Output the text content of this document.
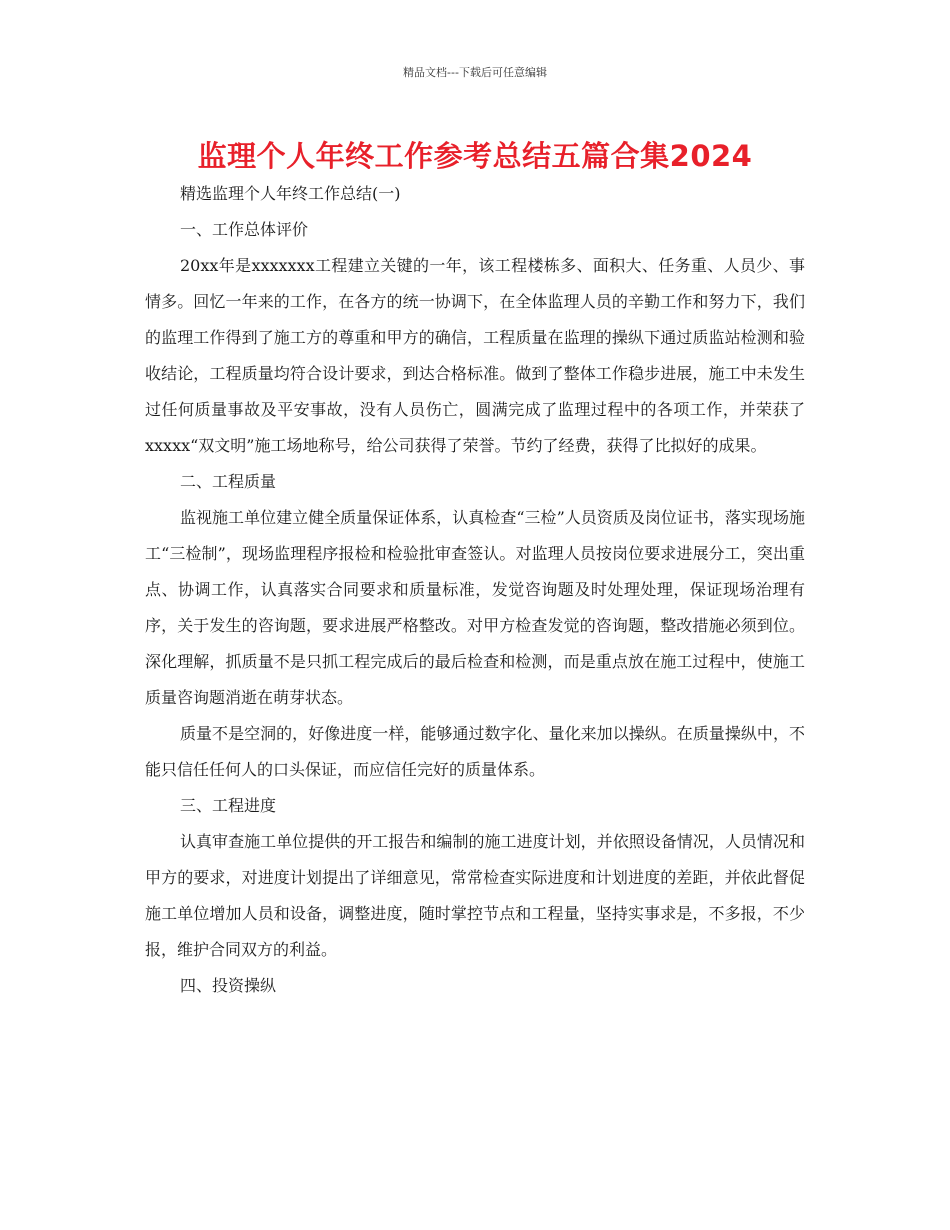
精品文档---下载后可任意编辑
监理个人年终工作参考总结五篇合集2024

精选监理个人年终工作总结(一)

一、工作总体评价

20xx年是xxxxxxx工程建立关键的一年，该工程楼栋多、面积大、任务重、人员少、事情多。回忆一年来的工作，在各方的统一协调下，在全体监理人员的辛勤工作和努力下，我们的监理工作得到了施工方的尊重和甲方的确信，工程质量在监理的操纵下通过质监站检测和验收结论，工程质量均符合设计要求，到达合格标准。做到了整体工作稳步进展，施工中未发生过任何质量事故及平安事故，没有人员伤亡，圆满完成了监理过程中的各项工作，并荣获了xxxxx“双文明”施工场地称号，给公司获得了荣誉。节约了经费，获得了比拟好的成果。

二、工程质量

监视施工单位建立健全质量保证体系，认真检查“三检”人员资质及岗位证书，落实现场施工“三检制”，现场监理程序报检和检验批审查签认。对监理人员按岗位要求进展分工，突出重点、协调工作，认真落实合同要求和质量标准，发觉咨询题及时处理处理，保证现场治理有序，关于发生的咨询题，要求进展严格整改。对甲方检查发觉的咨询题，整改措施必须到位。深化理解，抓质量不是只抓工程完成后的最后检查和检测，而是重点放在施工过程中，使施工质量咨询题消逝在萌芽状态。

质量不是空洞的，好像进度一样，能够通过数字化、量化来加以操纵。在质量操纵中，不能只信任任何人的口头保证，而应信任完好的质量体系。

三、工程进度

认真审查施工单位提供的开工报告和编制的施工进度计划，并依照设备情况，人员情况和甲方的要求，对进度计划提出了详细意见，常常检查实际进度和计划进度的差距，并依此督促施工单位增加人员和设备，调整进度，随时掌控节点和工程量，坚持实事求是，不多报，不少报，维护合同双方的利益。

四、投资操纵
